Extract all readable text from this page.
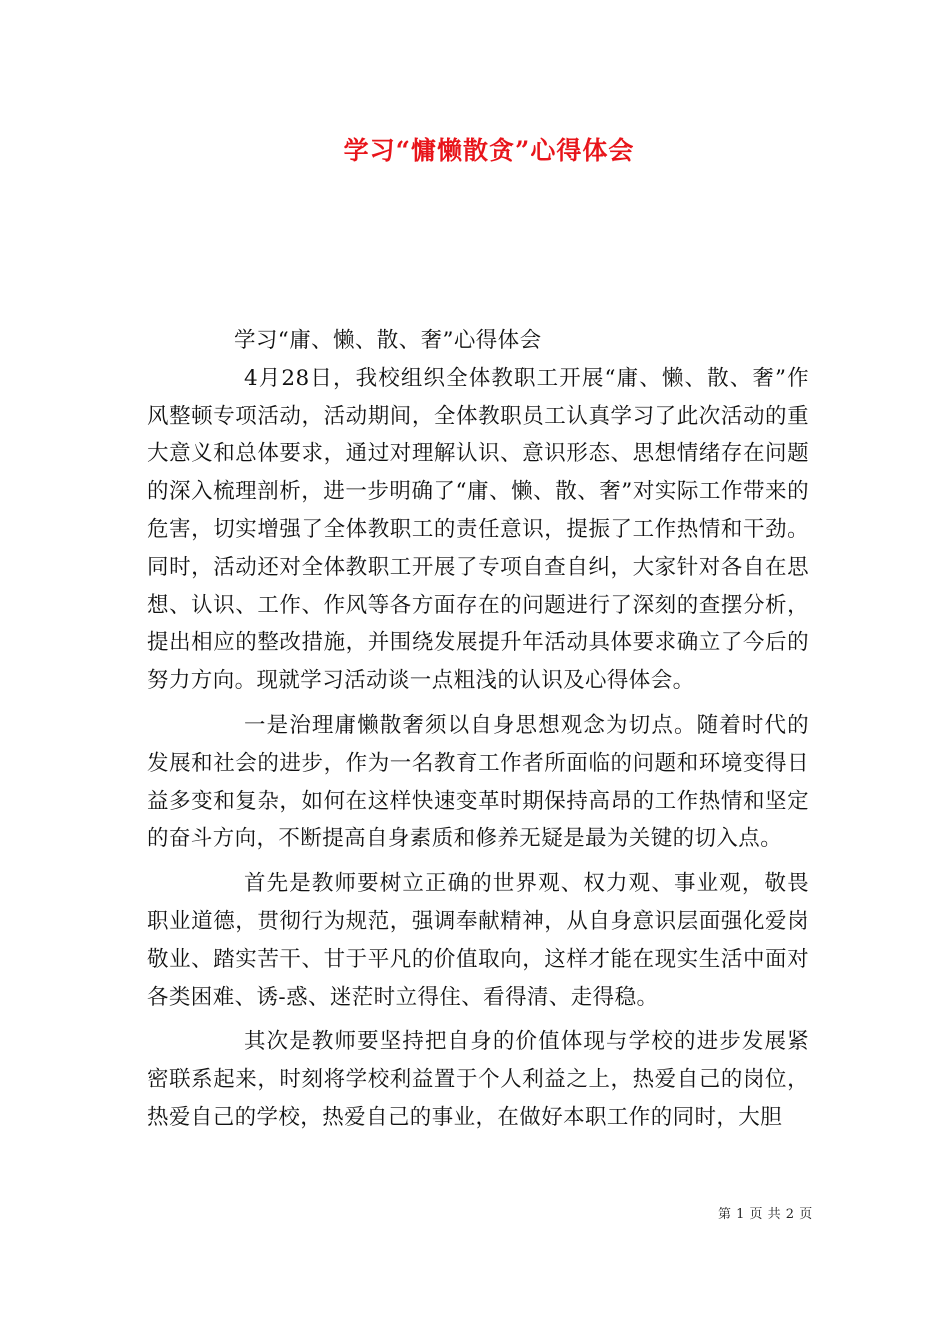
学习“慵懒散贪”心得体会

学习“庸、懒、散、奢”心得体会

4月28日，我校组织全体教职工开展“庸、懒、散、奢”作风整顿专项活动，活动期间，全体教职员工认真学习了此次活动的重大意义和总体要求，通过对理解认识、意识形态、思想情绪存在问题的深入梳理剖析，进一步明确了“庸、懒、散、奢”对实际工作带来的危害，切实增强了全体教职工的责任意识，提振了工作热情和干劲。同时，活动还对全体教职工开展了专项自查自纠，大家针对各自在思想、认识、工作、作风等各方面存在的问题进行了深刻的查摆分析，提出相应的整改措施，并围绕发展提升年活动具体要求确立了今后的努力方向。现就学习活动谈一点粗浅的认识及心得体会。

一是治理庸懒散奢须以自身思想观念为切点。随着时代的发展和社会的进步，作为一名教育工作者所面临的问题和环境变得日益多变和复杂，如何在这样快速变革时期保持高昂的工作热情和坚定的奋斗方向，不断提高自身素质和修养无疑是最为关键的切入点。

首先是教师要树立正确的世界观、权力观、事业观，敬畏职业道德，贯彻行为规范，强调奉献精神，从自身意识层面强化爱岗敬业、踏实苦干、甘于平凡的价值取向，这样才能在现实生活中面对各类困难、诱-惑、迷茫时立得住、看得清、走得稳。

其次是教师要坚持把自身的价值体现与学校的进步发展紧密联系起来，时刻将学校利益置于个人利益之上，热爱自己的岗位，热爱自己的学校，热爱自己的事业，在做好本职工作的同时，大胆

第 1 页 共 2 页
